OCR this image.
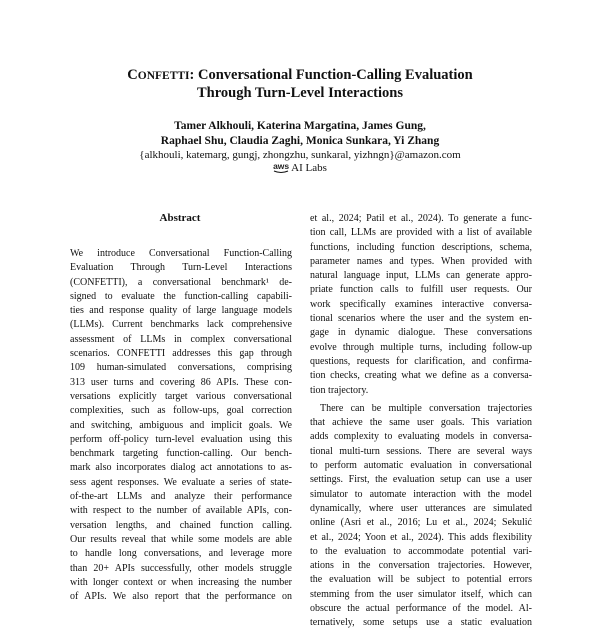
CONFETTI: Conversational Function-Calling Evaluation
Through Turn-Level Interactions
Tamer Alkhouli, Katerina Margatina, James Gung,
Raphael Shu, Claudia Zaghi, Monica Sunkara, Yi Zhang
{alkhouli, katemarg, gungj, zhongzhu, sunkaral, yizhngn}@amazon.com
aws AI Labs
Abstract
We introduce Conversational Function-Calling
Evaluation Through Turn-Level Interactions
(CONFETTI), a conversational benchmark¹ de-
signed to evaluate the function-calling capabili-
ties and response quality of large language models
(LLMs). Current benchmarks lack comprehensive
assessment of LLMs in complex conversational
scenarios. CONFETTI addresses this gap through
109 human-simulated conversations, comprising
313 user turns and covering 86 APIs. These con-
versations explicitly target various conversational
complexities, such as follow-ups, goal correction
and switching, ambiguous and implicit goals. We
perform off-policy turn-level evaluation using this
benchmark targeting function-calling. Our bench-
mark also incorporates dialog act annotations to as-
sess agent responses. We evaluate a series of state-
of-the-art LLMs and analyze their performance
with respect to the number of available APIs, con-
versation lengths, and chained function calling.
Our results reveal that while some models are able
to handle long conversations, and leverage more
than 20+ APIs successfully, other models struggle
with longer context or when increasing the number
of APIs. We also report that the performance on
et al., 2024; Patil et al., 2024). To generate a func-
tion call, LLMs are provided with a list of available
functions, including function descriptions, schema,
parameter names and types. When provided with
natural language input, LLMs can generate appro-
priate function calls to fulfill user requests. Our
work specifically examines interactive conversa-
tional scenarios where the user and the system en-
gage in dynamic dialogue. These conversations
evolve through multiple turns, including follow-up
questions, requests for clarification, and confirma-
tion checks, creating what we define as a conversa-
tion trajectory.
There can be multiple conversation trajectories
that achieve the same user goals. This variation
adds complexity to evaluating models in conversa-
tional multi-turn sessions. There are several ways
to perform automatic evaluation in conversational
settings. First, the evaluation setup can use a user
simulator to automate interaction with the model
dynamically, where user utterances are simulated
online (Asri et al., 2016; Lu et al., 2024; Sekulić
et al., 2024; Yoon et al., 2024). This adds flexibility
to the evaluation to accommodate potential vari-
ations in the conversation trajectories. However,
the evaluation will be subject to potential errors
stemming from the user simulator itself, which can
obscure the actual performance of the model. Al-
ternatively, some setups use a static evaluation
